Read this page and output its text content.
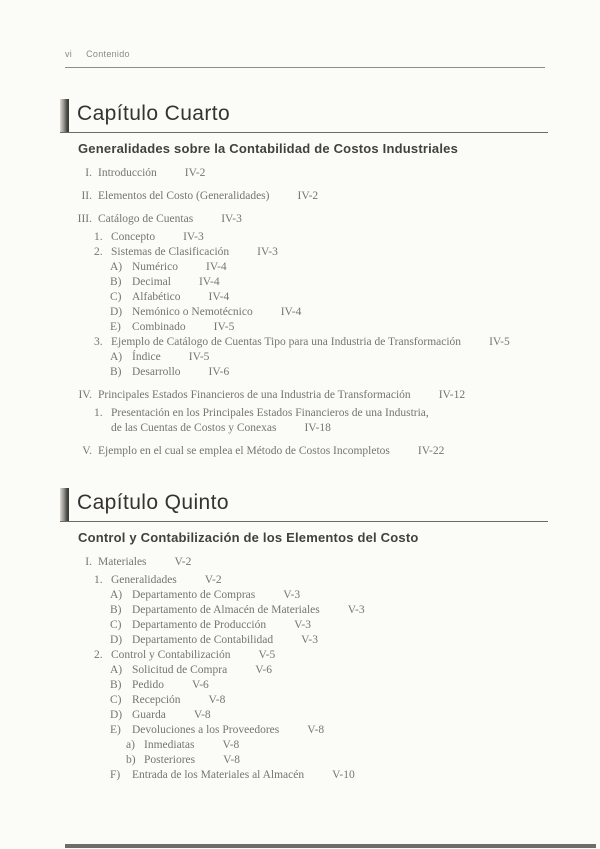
vi Contenido
Capítulo Cuarto
Generalidades sobre la Contabilidad de Costos Industriales
I. Introducción IV-2
II. Elementos del Costo (Generalidades) IV-2
III. Catálogo de Cuentas IV-3
1. Concepto IV-3
2. Sistemas de Clasificación IV-3
A) Numérico IV-4
B) Decimal IV-4
C) Alfabético IV-4
D) Nemónico o Nemotécnico IV-4
E) Combinado IV-5
3. Ejemplo de Catálogo de Cuentas Tipo para una Industria de Transformación IV-5
A) Índice IV-5
B) Desarrollo IV-6
IV. Principales Estados Financieros de una Industria de Transformación IV-12
1. Presentación en los Principales Estados Financieros de una Industria,
de las Cuentas de Costos y Conexas IV-18
V. Ejemplo en el cual se emplea el Método de Costos Incompletos IV-22
Capítulo Quinto
Control y Contabilización de los Elementos del Costo
I. Materiales V-2
1. Generalidades V-2
A) Departamento de Compras V-3
B) Departamento de Almacén de Materiales V-3
C) Departamento de Producción V-3
D) Departamento de Contabilidad V-3
2. Control y Contabilización V-5
A) Solicitud de Compra V-6
B) Pedido V-6
C) Recepción V-8
D) Guarda V-8
E) Devoluciones a los Proveedores V-8
a) Inmediatas V-8
b) Posteriores V-8
F)	Entrada de los Materiales al Almacén V-10
